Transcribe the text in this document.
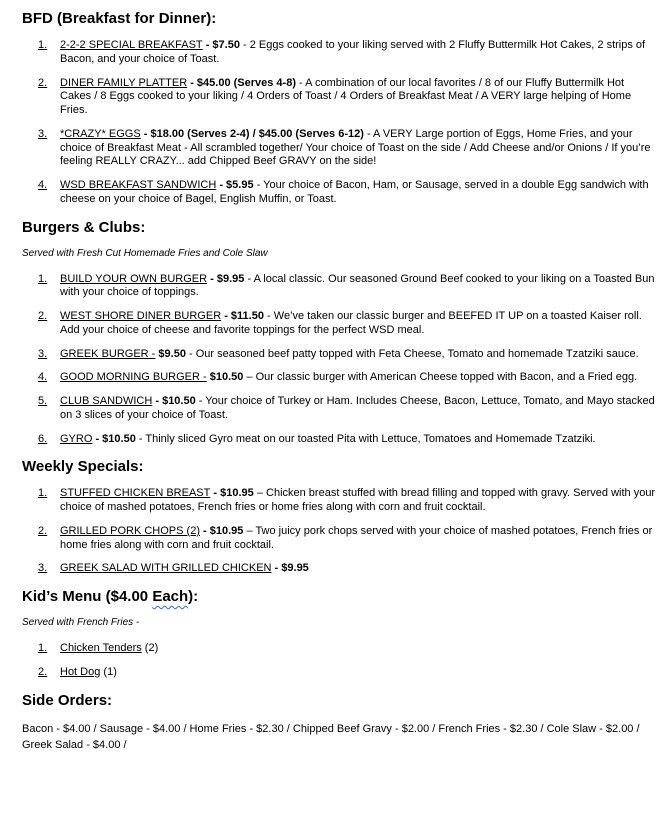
BFD (Breakfast for Dinner):
1.	2-2-2 SPECIAL BREAKFAST - $7.50 - 2 Eggs cooked to your liking served with 2 Fluffy Buttermilk Hot Cakes, 2 strips of Bacon, and your choice of Toast.
2.	DINER FAMILY PLATTER - $45.00 (Serves 4-8) - A combination of our local favorites / 8 of our Fluffy Buttermilk Hot Cakes / 8 Eggs cooked to your liking / 4 Orders of Toast / 4 Orders of Breakfast Meat / A VERY large helping of Home Fries.
3.	*CRAZY* EGGS - $18.00 (Serves 2-4) / $45.00 (Serves 6-12) - A VERY Large portion of Eggs, Home Fries, and your choice of Breakfast Meat - All scrambled together/ Your choice of Toast on the side / Add Cheese and/or Onions / If you’re feeling REALLY CRAZY... add Chipped Beef GRAVY on the side!
4.	WSD BREAKFAST SANDWICH - $5.95 - Your choice of Bacon, Ham, or Sausage, served in a double Egg sandwich with cheese on your choice of Bagel, English Muffin, or Toast.
Burgers & Clubs:

Served with Fresh Cut Homemade Fries and Cole Slaw

1.	BUILD YOUR OWN BURGER - $9.95 - A local classic. Our seasoned Ground Beef cooked to your liking on a Toasted Bun with your choice of toppings.
2.	WEST SHORE DINER BURGER - $11.50 - We’ve taken our classic burger and BEEFED IT UP on a toasted Kaiser roll. Add your choice of cheese and favorite toppings for the perfect WSD meal.
3.	GREEK BURGER - $9.50 - Our seasoned beef patty topped with Feta Cheese, Tomato and homemade Tzatziki sauce.
4.	GOOD MORNING BURGER - $10.50 – Our classic burger with American Cheese topped with Bacon, and a Fried egg.
5.	CLUB SANDWICH - $10.50 - Your choice of Turkey or Ham. Includes Cheese, Bacon, Lettuce, Tomato, and Mayo stacked on 3 slices of your choice of Toast.
6.	GYRO - $10.50 - Thinly sliced Gyro meat on our toasted Pita with Lettuce, Tomatoes and Homemade Tzatziki.
Weekly Specials:
1.	STUFFED CHICKEN BREAST - $10.95 – Chicken breast stuffed with bread filling and topped with gravy. Served with your choice of mashed potatoes, French fries or home fries along with corn and fruit cocktail.
2.	GRILLED PORK CHOPS (2) - $10.95 – Two juicy pork chops served with your choice of mashed potatoes, French fries or home fries along with corn and fruit cocktail.
3.	GREEK SALAD WITH GRILLED CHICKEN - $9.95
Kid’s Menu ($4.00 Each):

Served with French Fries -

1.	Chicken Tenders (2)
2.	Hot Dog (1)
Side Orders:

Bacon - $4.00 / Sausage - $4.00 / Home Fries - $2.30 / Chipped Beef Gravy - $2.00 / French Fries - $2.30 / Cole Slaw - $2.00 / Greek Salad - $4.00 /
